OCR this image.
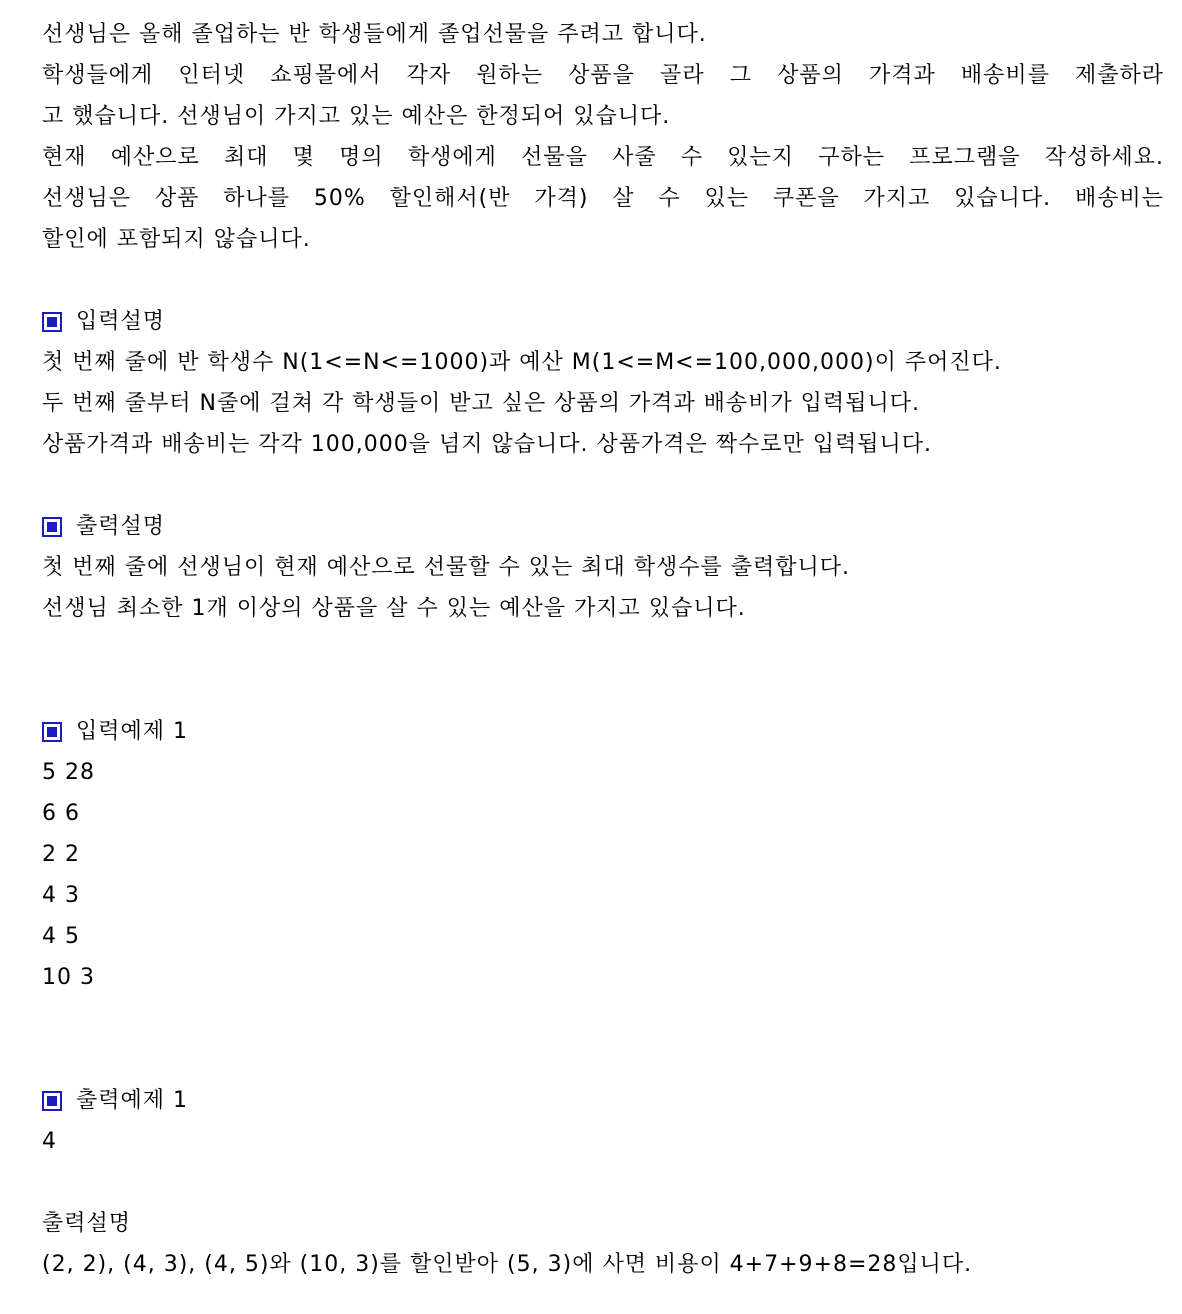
선생님은 올해 졸업하는 반 학생들에게 졸업선물을 주려고 합니다.
학생들에게 인터넷 쇼핑몰에서 각자 원하는 상품을 골라 그 상품의 가격과 배송비를 제출하라
고 했습니다. 선생님이 가지고 있는 예산은 한정되어 있습니다.
현재 예산으로 최대 몇 명의 학생에게 선물을 사줄 수 있는지 구하는 프로그램을 작성하세요.
선생님은 상품 하나를 50% 할인해서(반 가격) 살 수 있는 쿠폰을 가지고 있습니다. 배송비는
할인에 포함되지 않습니다.
입력설명
첫 번째 줄에 반 학생수 N(1<=N<=1000)과 예산 M(1<=M<=100,000,000)이 주어진다.
두 번째 줄부터 N줄에 걸쳐 각 학생들이 받고 싶은 상품의 가격과 배송비가 입력됩니다.
상품가격과 배송비는 각각 100,000을 넘지 않습니다. 상품가격은 짝수로만 입력됩니다.
출력설명
첫 번째 줄에 선생님이 현재 예산으로 선물할 수 있는 최대 학생수를 출력합니다.
선생님 최소한 1개 이상의 상품을 살 수 있는 예산을 가지고 있습니다.
입력예제 1
5 28
6 6
2 2
4 3
4 5
10 3
출력예제 1
4
출력설명
(2, 2), (4, 3), (4, 5)와 (10, 3)를 할인받아 (5, 3)에 사면 비용이 4+7+9+8=28입니다.
